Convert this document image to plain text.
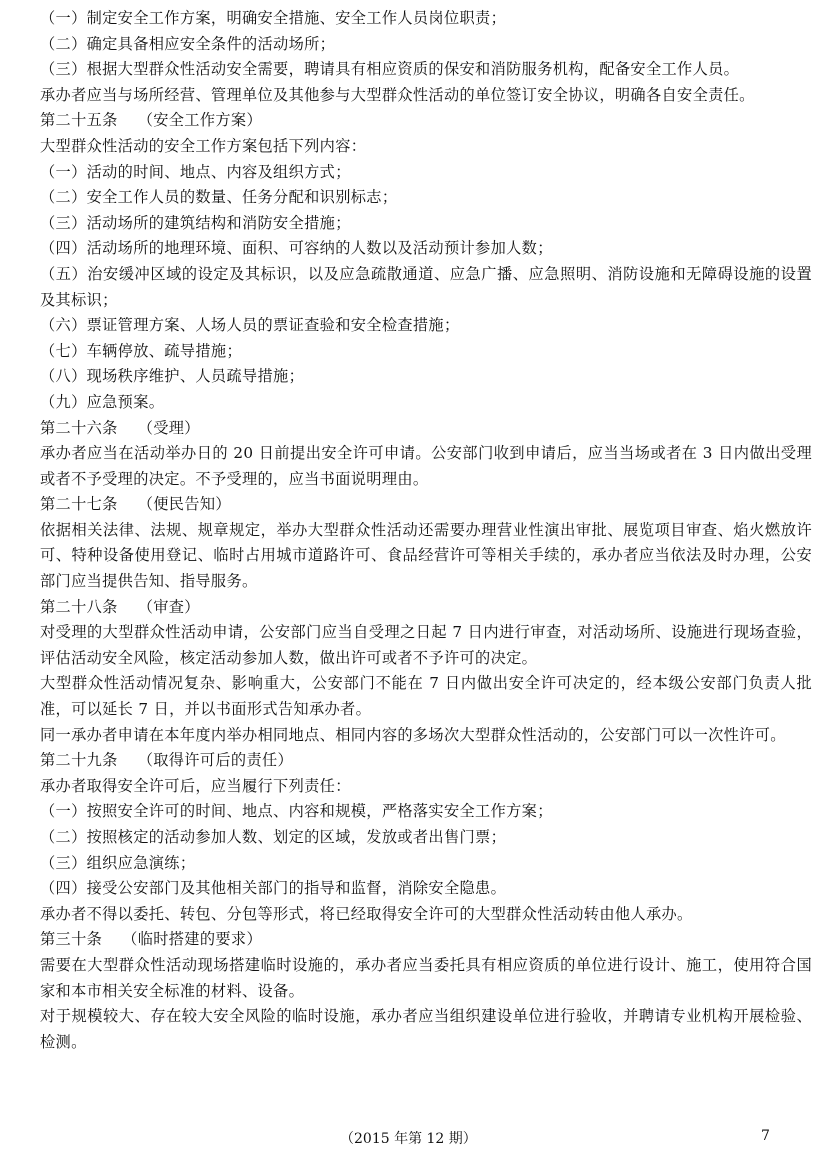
（一）制定安全工作方案，明确安全措施、安全工作人员岗位职责；

（二）确定具备相应安全条件的活动场所；

（三）根据大型群众性活动安全需要，聘请具有相应资质的保安和消防服务机构，配备安全工作人员。

承办者应当与场所经营、管理单位及其他参与大型群众性活动的单位签订安全协议，明确各自安全责任。

第二十五条 （安全工作方案）

大型群众性活动的安全工作方案包括下列内容：

（一）活动的时间、地点、内容及组织方式；

（二）安全工作人员的数量、任务分配和识别标志；

（三）活动场所的建筑结构和消防安全措施；

（四）活动场所的地理环境、面积、可容纳的人数以及活动预计参加人数；

（五）治安缓冲区域的设定及其标识，以及应急疏散通道、应急广播、应急照明、消防设施和无障碍设施的设置及其标识；

（六）票证管理方案、人场人员的票证查验和安全检查措施；

（七）车辆停放、疏导措施；

（八）现场秩序维护、人员疏导措施；

（九）应急预案。

第二十六条 （受理）

承办者应当在活动举办日的 20 日前提出安全许可申请。公安部门收到申请后，应当当场或者在 3 日内做出受理或者不予受理的决定。不予受理的，应当书面说明理由。

第二十七条 （便民告知）

依据相关法律、法规、规章规定，举办大型群众性活动还需要办理营业性演出审批、展览项目审查、焰火燃放许可、特种设备使用登记、临时占用城市道路许可、食品经营许可等相关手续的，承办者应当依法及时办理，公安部门应当提供告知、指导服务。

第二十八条 （审查）

对受理的大型群众性活动申请，公安部门应当自受理之日起 7 日内进行审查，对活动场所、设施进行现场查验，评估活动安全风险，核定活动参加人数，做出许可或者不予许可的决定。

大型群众性活动情况复杂、影响重大，公安部门不能在 7 日内做出安全许可决定的，经本级公安部门负责人批准，可以延长 7 日，并以书面形式告知承办者。

同一承办者申请在本年度内举办相同地点、相同内容的多场次大型群众性活动的，公安部门可以一次性许可。

第二十九条 （取得许可后的责任）

承办者取得安全许可后，应当履行下列责任：

（一）按照安全许可的时间、地点、内容和规模，严格落实安全工作方案；

（二）按照核定的活动参加人数、划定的区域，发放或者出售门票；

（三）组织应急演练；

（四）接受公安部门及其他相关部门的指导和监督，消除安全隐患。

承办者不得以委托、转包、分包等形式，将已经取得安全许可的大型群众性活动转由他人承办。

第三十条 （临时搭建的要求）

需要在大型群众性活动现场搭建临时设施的，承办者应当委托具有相应资质的单位进行设计、施工，使用符合国家和本市相关安全标准的材料、设备。

对于规模较大、存在较大安全风险的临时设施，承办者应当组织建设单位进行验收，并聘请专业机构开展检验、检测。

（2015 年第 12 期）	7
